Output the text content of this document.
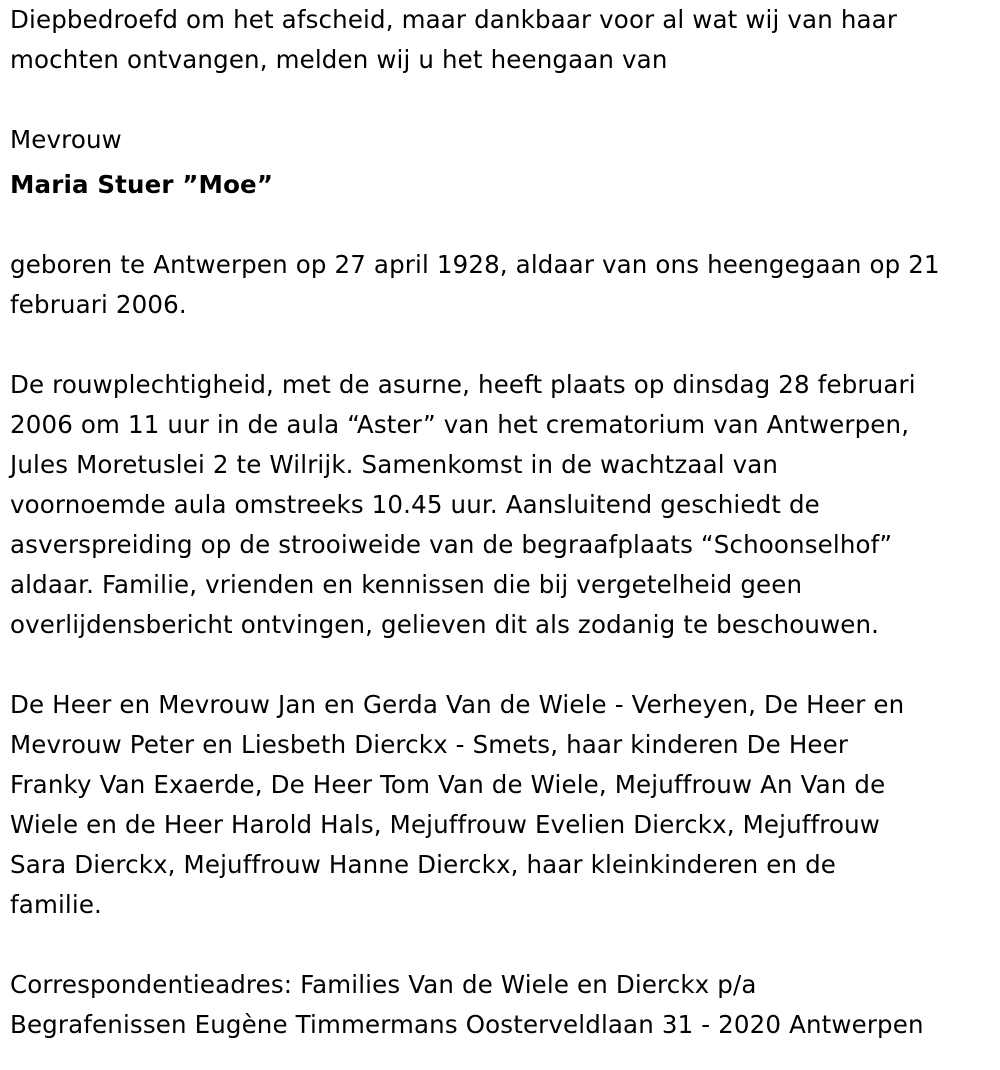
Diepbedroefd om het afscheid, maar dankbaar voor al wat wij van haar
mochten ontvangen, melden wij u het heengaan van

Mevrouw

Maria Stuer ”Moe”

geboren te Antwerpen op 27 april 1928, aldaar van ons heengegaan op 21
februari 2006.

De rouwplechtigheid, met de asurne, heeft plaats op dinsdag 28 februari
2006 om 11 uur in de aula “Aster” van het crematorium van Antwerpen,
Jules Moretuslei 2 te Wilrijk. Samenkomst in de wachtzaal van
voornoemde aula omstreeks 10.45 uur. Aansluitend geschiedt de
asverspreiding op de strooiweide van de begraafplaats “Schoonselhof”
aldaar. Familie, vrienden en kennissen die bij vergetelheid geen
overlijdensbericht ontvingen, gelieven dit als zodanig te beschouwen.

De Heer en Mevrouw Jan en Gerda Van de Wiele - Verheyen, De Heer en
Mevrouw Peter en Liesbeth Dierckx - Smets, haar kinderen De Heer
Franky Van Exaerde, De Heer Tom Van de Wiele, Mejuffrouw An Van de
Wiele en de Heer Harold Hals, Mejuffrouw Evelien Dierckx, Mejuffrouw
Sara Dierckx, Mejuffrouw Hanne Dierckx, haar kleinkinderen en de
familie.

Correspondentieadres: Families Van de Wiele en Dierckx p/a
Begrafenissen Eugène Timmermans Oosterveldlaan 31 - 2020 Antwerpen
